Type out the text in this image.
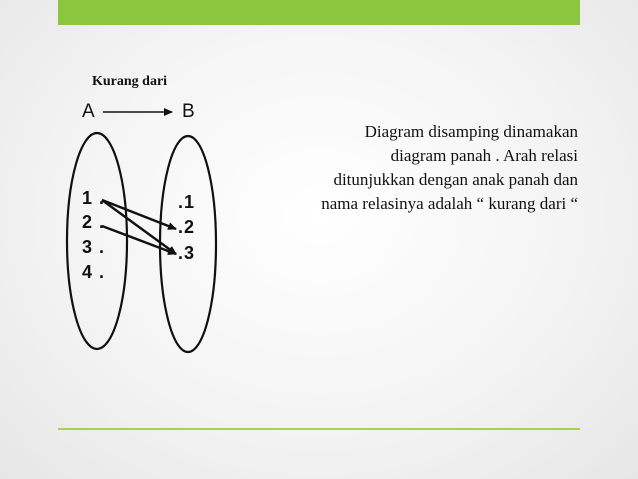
Kurang dari
A	B
1 .
2 .
3 .
4 .
.1
.2
.3
Diagram disamping dinamakan
diagram panah . Arah relasi
ditunjukkan dengan anak panah dan
nama relasinya adalah “ kurang dari “
